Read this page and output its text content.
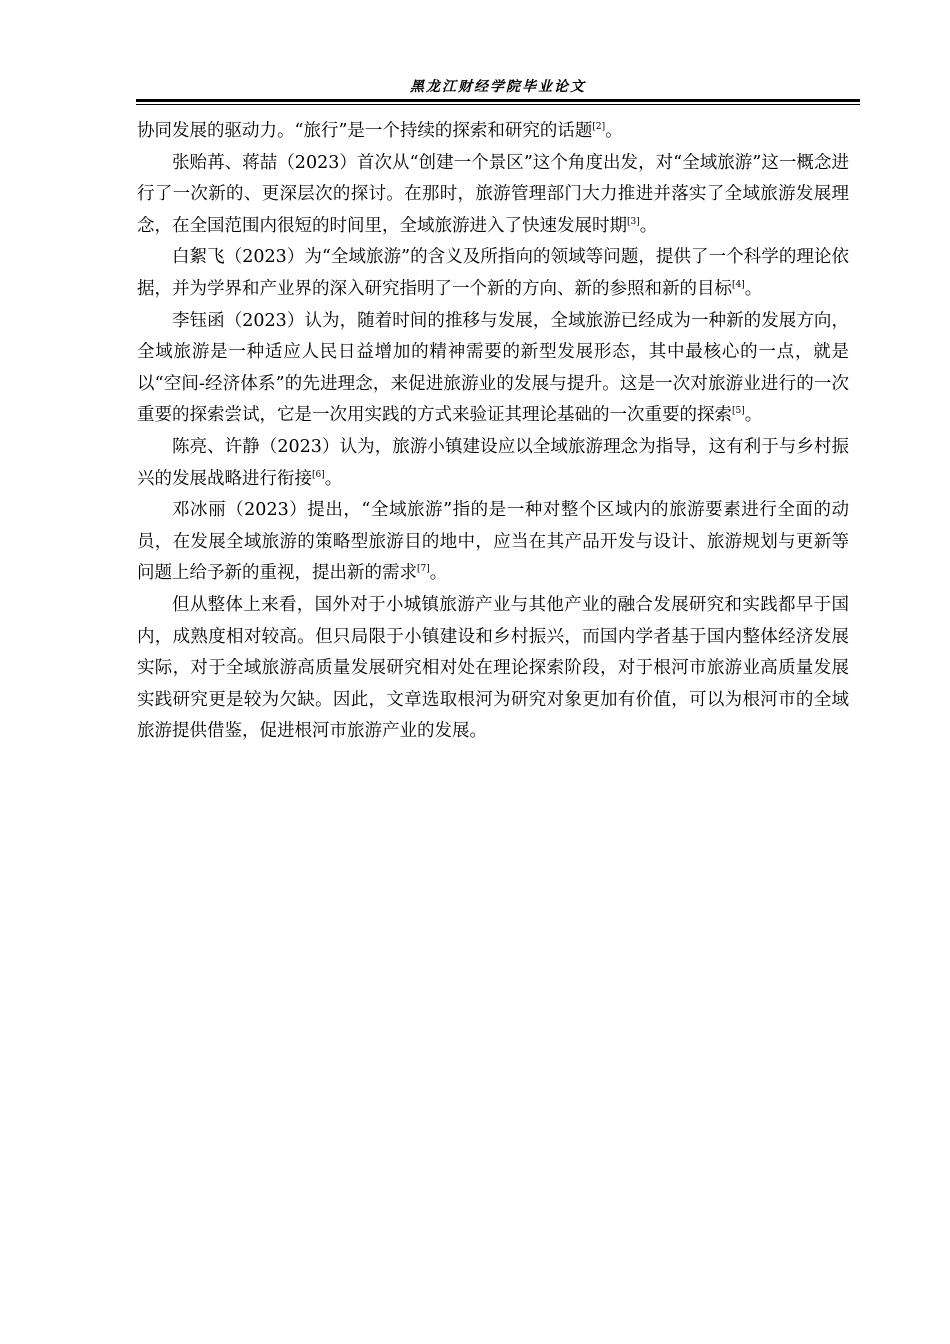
黑龙江财经学院毕业论文

协同发展的驱动力。“旅行”是一个持续的探索和研究的话题[2]。

张贻苒、蒋喆（2023）首次从“创建一个景区”这个角度出发，对“全域旅游”这一概念进行了一次新的、更深层次的探讨。在那时，旅游管理部门大力推进并落实了全域旅游发展理念，在全国范围内很短的时间里，全域旅游进入了快速发展时期[3]。

白絮飞（2023）为“全域旅游”的含义及所指向的领域等问题，提供了一个科学的理论依据，并为学界和产业界的深入研究指明了一个新的方向、新的参照和新的目标[4]。

李钰函（2023）认为，随着时间的推移与发展，全域旅游已经成为一种新的发展方向，全域旅游是一种适应人民日益增加的精神需要的新型发展形态，其中最核心的一点，就是以“空间-经济体系”的先进理念，来促进旅游业的发展与提升。这是一次对旅游业进行的一次重要的探索尝试，它是一次用实践的方式来验证其理论基础的一次重要的探索[5]。

陈亮、许静（2023）认为，旅游小镇建设应以全域旅游理念为指导，这有利于与乡村振兴的发展战略进行衔接[6]。

邓冰丽（2023）提出，“全域旅游”指的是一种对整个区域内的旅游要素进行全面的动员，在发展全域旅游的策略型旅游目的地中，应当在其产品开发与设计、旅游规划与更新等问题上给予新的重视，提出新的需求[7]。

但从整体上来看，国外对于小城镇旅游产业与其他产业的融合发展研究和实践都早于国内，成熟度相对较高。但只局限于小镇建设和乡村振兴，而国内学者基于国内整体经济发展实际，对于全域旅游高质量发展研究相对处在理论探索阶段，对于根河市旅游业高质量发展实践研究更是较为欠缺。因此，文章选取根河为研究对象更加有价值，可以为根河市的全域旅游提供借鉴，促进根河市旅游产业的发展。
